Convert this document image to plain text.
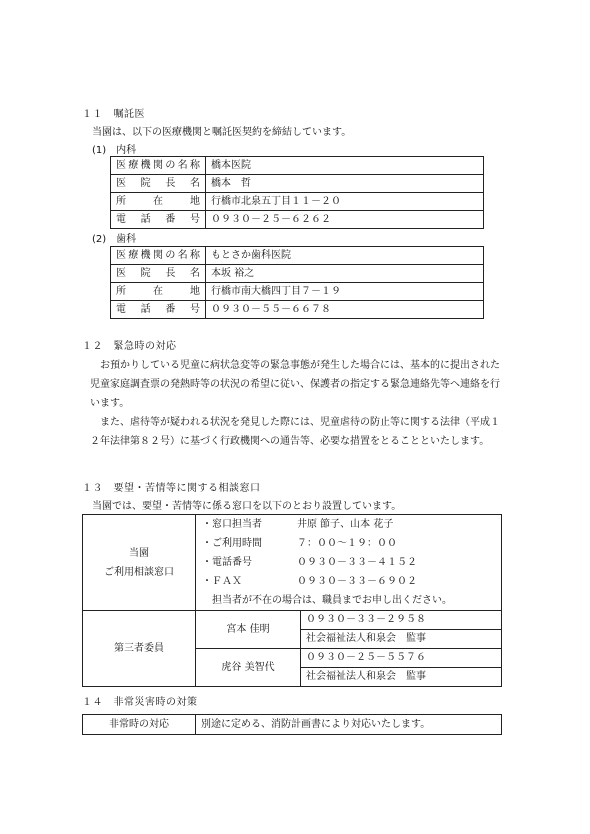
１１　嘱託医
当園は、以下の医療機関と嘱託医契約を締結しています。
(1)　内科
医療機関の名称	橋本医院

医院長名	橋本　哲

所在地	行橋市北泉五丁目１１－２０

電話番号	０９３０－２５－６２６２
(2)　歯科
医療機関の名称	もとさか歯科医院

医院長名	本坂 裕之

所在地	行橋市南大橋四丁目７－１９

電話番号	０９３０－５５－６６７８
１２　緊急時の対応
お預かりしている児童に病状急変等の緊急事態が発生した場合には、基本的に提出された児童家庭調査票の発熱時等の状況の希望に従い、保護者の指定する緊急連絡先等へ連絡を行います。
また、虐待等が疑われる状況を発見した際には、児童虐待の防止等に関する法律（平成１２年法律第８２号）に基づく行政機関への通告等、必要な措置をとることといたします。
１３　要望・苦情等に関する相談窓口
当園では、要望・苦情等に係る窓口を以下のとおり設置しています。
当園
ご利用相談窓口	・窓口担当者 井原 節子、山本 花子
・ご利用時間 ７：００～１９：００
・電話番号 ０９３０－３３－４１５２
・ＦＡＸ ０９３０－３３－６９０２
担当者が不在の場合は、職員までお申し出ください。	

第三者委員	宮本 佳明	０９３０－３３－２９５８
		社会福祉法人和泉会　監事
	虎谷 美智代	０９３０－２５－５５７６
		社会福祉法人和泉会　監事
１４　非常災害時の対策
非常時の対応	別途に定める、消防計画書により対応いたします。
